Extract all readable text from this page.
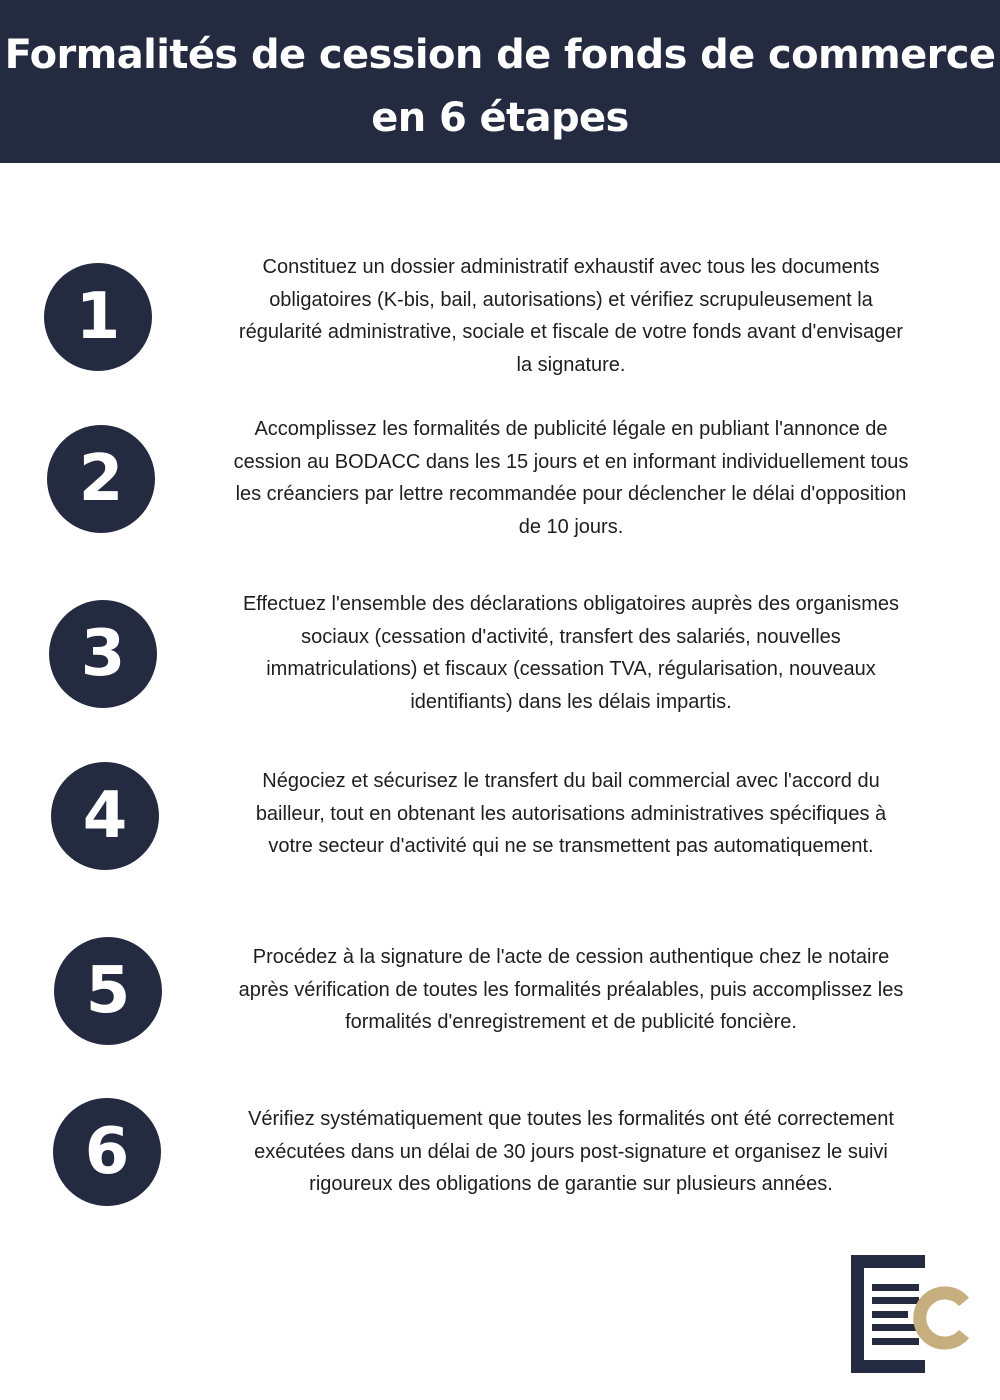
Formalités de cession de fonds de commerce
en 6 étapes
1

Constituez un dossier administratif exhaustif avec tous les documents
obligatoires (K-bis, bail, autorisations) et vérifiez scrupuleusement la
régularité administrative, sociale et fiscale de votre fonds avant d'envisager
la signature.

2

Accomplissez les formalités de publicité légale en publiant l'annonce de
cession au BODACC dans les 15 jours et en informant individuellement tous
les créanciers par lettre recommandée pour déclencher le délai d'opposition
de 10 jours.

3

Effectuez l'ensemble des déclarations obligatoires auprès des organismes
sociaux (cessation d'activité, transfert des salariés, nouvelles
immatriculations) et fiscaux (cessation TVA, régularisation, nouveaux
identifiants) dans les délais impartis.

4	Négociez et sécurisez le transfert du bail commercial avec l'accord du
bailleur, tout en obtenant les autorisations administratives spécifiques à
votre secteur d'activité qui ne se transmettent pas automatiquement.

5	Procédez à la signature de l'acte de cession authentique chez le notaire
après vérification de toutes les formalités préalables, puis accomplissez les
formalités d'enregistrement et de publicité foncière.

6	Vérifiez systématiquement que toutes les formalités ont été correctement
exécutées dans un délai de 30 jours post-signature et organisez le suivi
rigoureux des obligations de garantie sur plusieurs années.
